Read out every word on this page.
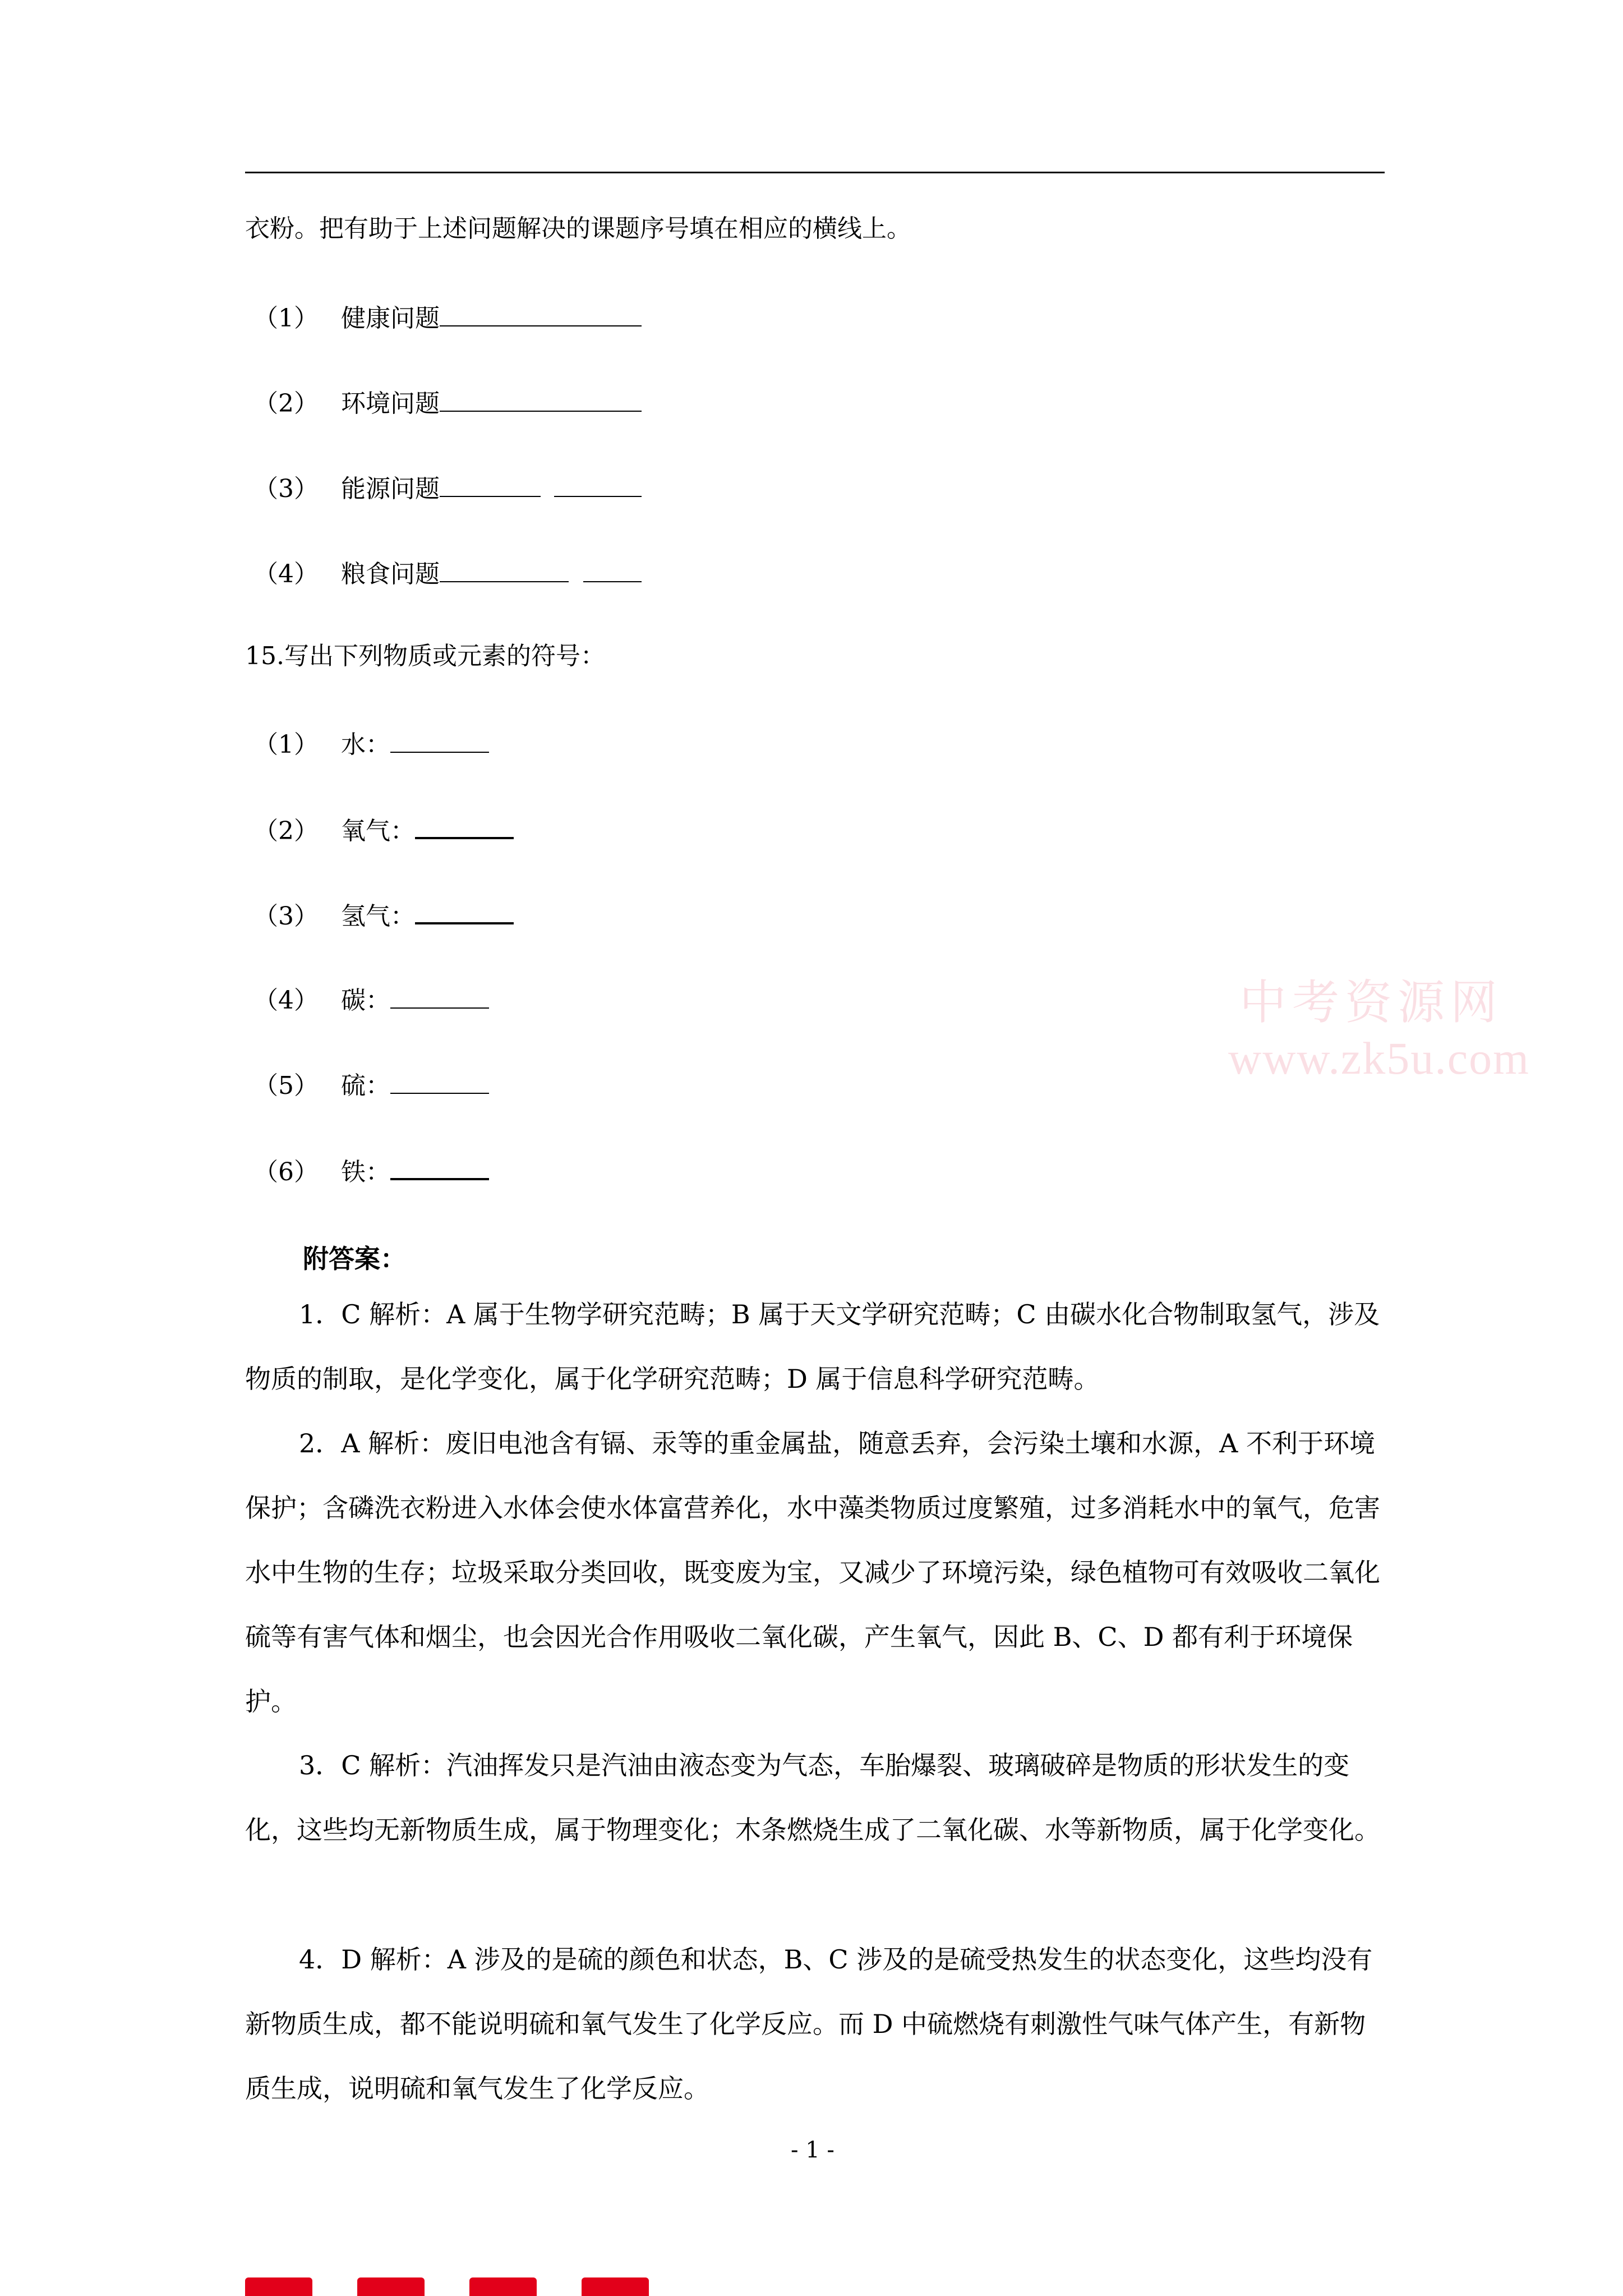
衣粉。把有助于上述问题解决的课题序号填在相应的横线上。
（1） 健康问题
（2） 环境问题
（3） 能源问题
（4） 粮食问题
15.写出下列物质或元素的符号：
（1） 水：
（2） 氧气：
（3） 氢气：
（4） 碳：
（5） 硫：
（6） 铁：
中考资源网
www.zk5u.com
附答案：
1．C 解析：A 属于生物学研究范畴；B 属于天文学研究范畴；C 由碳水化合物制取氢气，涉及物质的制取，是化学变化，属于化学研究范畴；D 属于信息科学研究范畴。
2．A 解析：废旧电池含有镉、汞等的重金属盐，随意丢弃，会污染土壤和水源，A 不利于环境保护；含磷洗衣粉进入水体会使水体富营养化，水中藻类物质过度繁殖，过多消耗水中的氧气，危害水中生物的生存；垃圾采取分类回收，既变废为宝，又减少了环境污染，绿色植物可有效吸收二氧化硫等有害气体和烟尘，也会因光合作用吸收二氧化碳，产生氧气，因此 B、C、D 都有利于环境保护。
3．C 解析：汽油挥发只是汽油由液态变为气态，车胎爆裂、玻璃破碎是物质的形状发生的变化，这些均无新物质生成，属于物理变化；木条燃烧生成了二氧化碳、水等新物质，属于化学变化。
4．D 解析：A 涉及的是硫的颜色和状态，B、C 涉及的是硫受热发生的状态变化，这些均没有新物质生成，都不能说明硫和氧气发生了化学反应。而 D 中硫燃烧有刺激性气味气体产生，有新物质生成，说明硫和氧气发生了化学反应。
- 1 -
